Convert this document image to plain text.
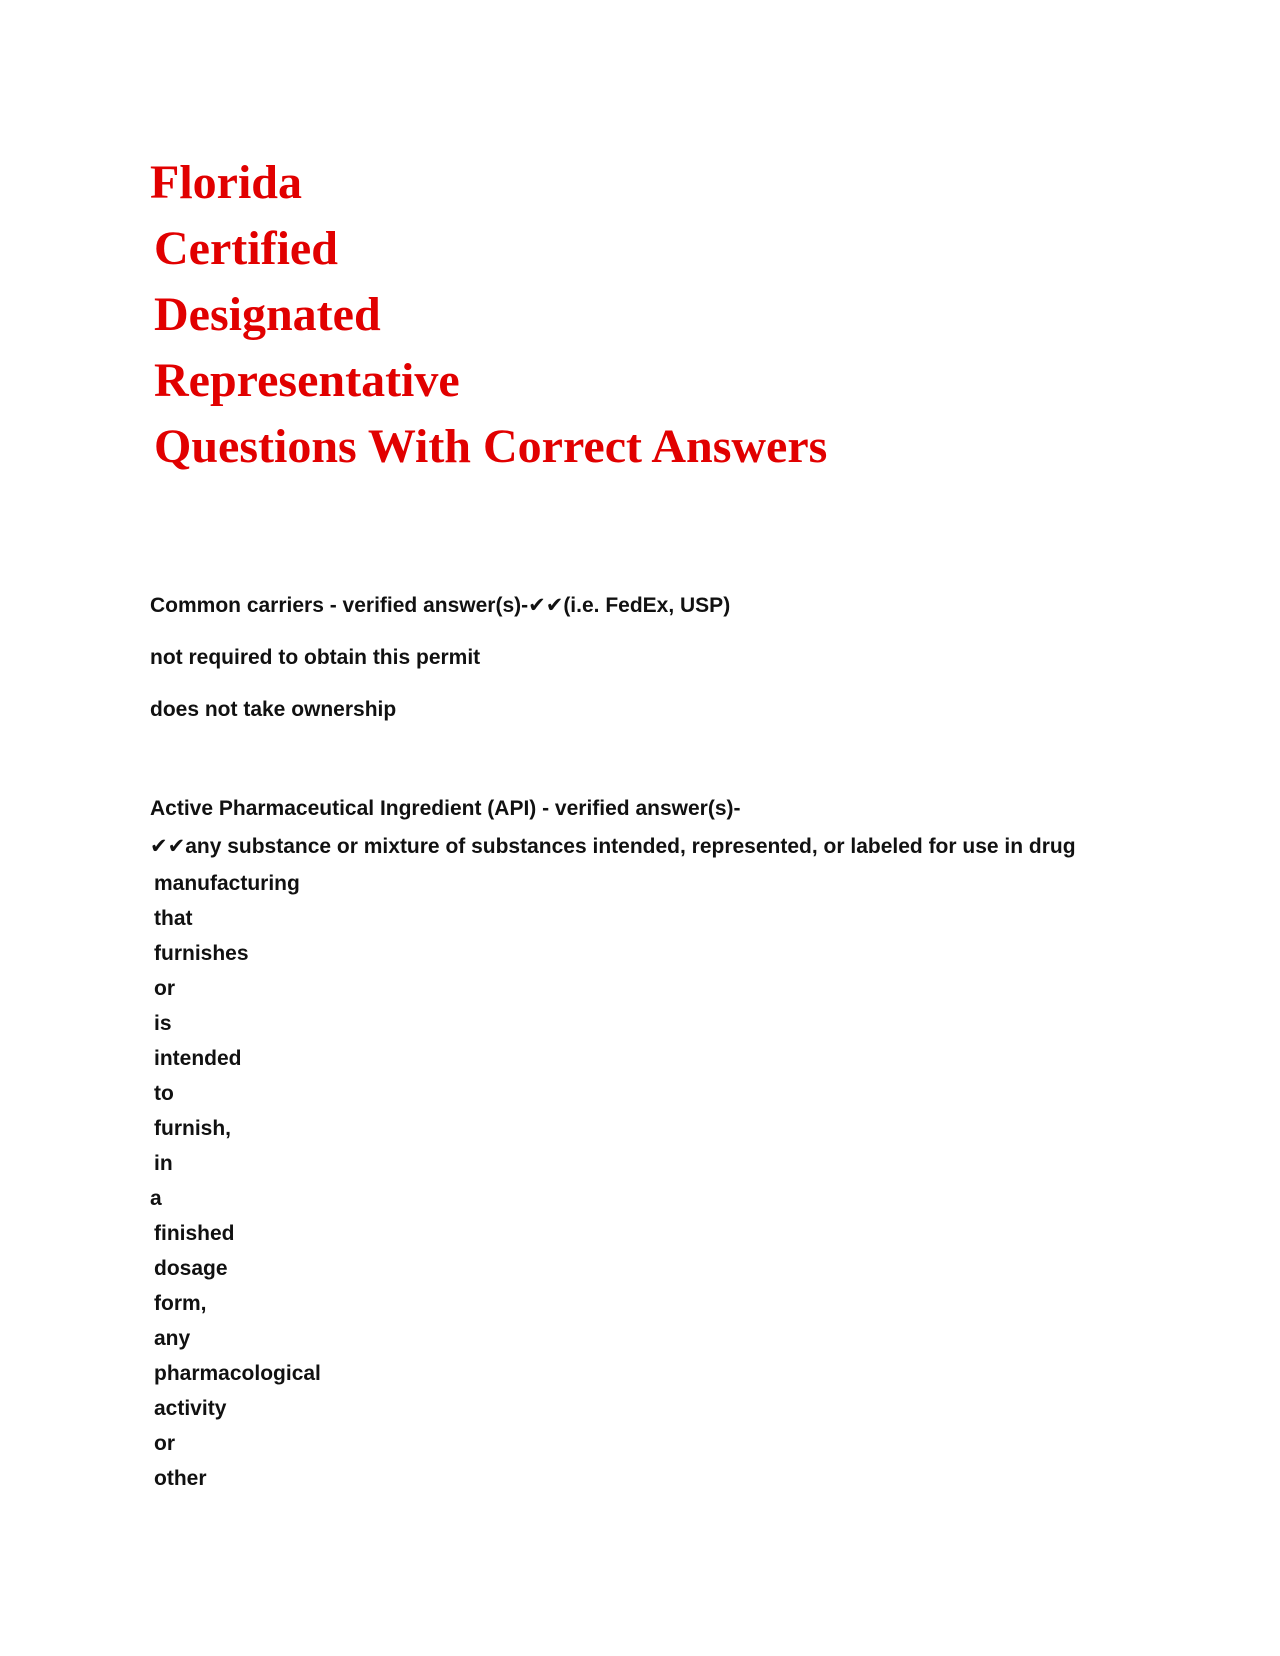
Florida
Certified
Designated
Representative
Questions With Correct Answers
Common carriers - verified answer(s)-✔✔(i.e. FedEx, USP)
not required to obtain this permit
does not take ownership
Active Pharmaceutical Ingredient (API) - verified answer(s)-
✔✔any substance or mixture of substances intended, represented, or labeled for use in drug
manufacturing
that
furnishes
or
is
intended
to
furnish,
in
a
finished
dosage
form,
any
pharmacological
activity
or
other
